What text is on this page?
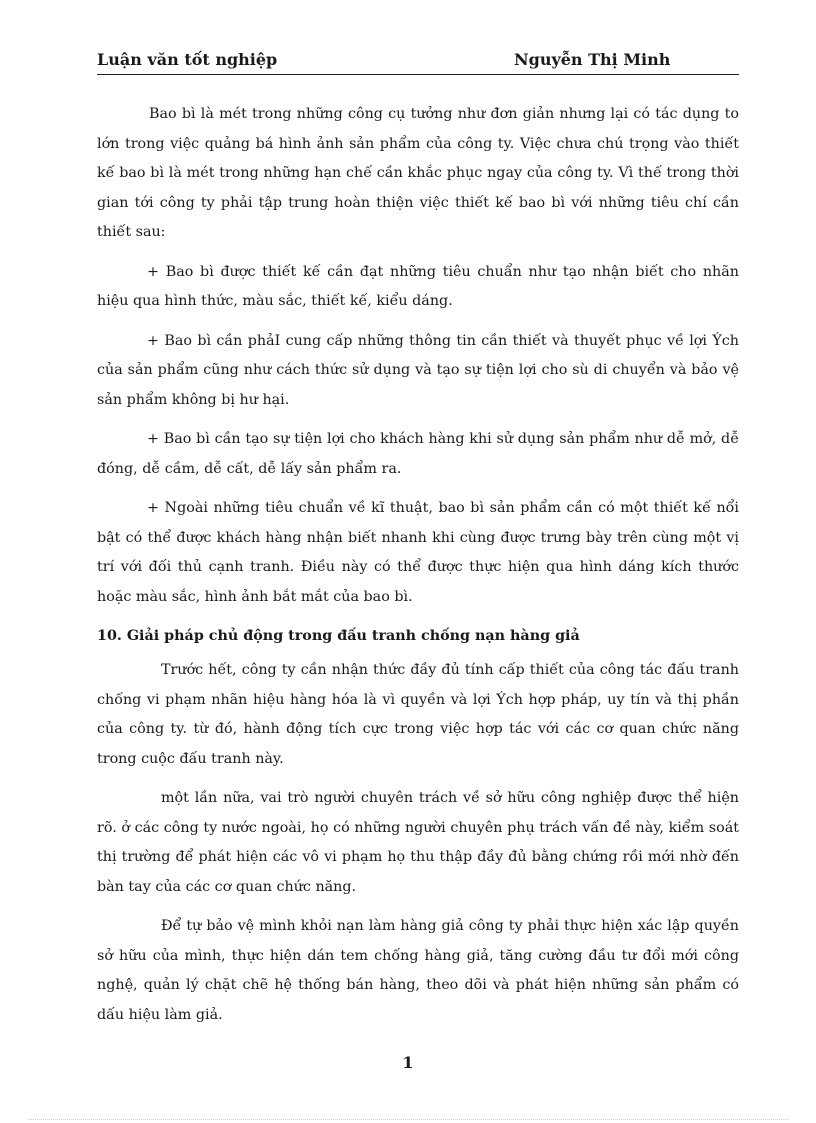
Luận văn tốt nghiệp	Nguyễn Thị Minh

Bao bì là mét trong những công cụ tưởng như đơn giản nhưng lại có tác dụng to lớn trong việc quảng bá hình ảnh sản phẩm của công ty. Việc chưa chú trọng vào thiết kế bao bì là mét trong những hạn chế cần khắc phục ngay của công ty. Vì thế trong thời gian tới công ty phải tập trung hoàn thiện việc thiết kế bao bì với những tiêu chí cần thiết sau:

+ Bao bì được thiết kế cần đạt những tiêu chuẩn như tạo nhận biết cho nhãn hiệu qua hình thức, màu sắc, thiết kế, kiểu dáng.

+ Bao bì cần phảI cung cấp những thông tin cần thiết và thuyết phục về lợi Ých của sản phẩm cũng như cách thức sử dụng và tạo sự tiện lợi cho sù di chuyển và bảo vệ sản phẩm không bị hư hại.

+ Bao bì cần tạo sự tiện lợi cho khách hàng khi sử dụng sản phẩm như dễ mở, dễ đóng, dễ cầm, dễ cất, dễ lấy sản phẩm ra.

+ Ngoài những tiêu chuẩn về kĩ thuật, bao bì sản phẩm cần có một thiết kế nổi bật có thể được khách hàng nhận biết nhanh khi cùng được trưng bày trên cùng một vị trí với đối thủ cạnh tranh. Điều này có thể được thực hiện qua hình dáng kích thước hoặc màu sắc, hình ảnh bắt mắt của bao bì.

10. Giải pháp chủ động trong đấu tranh chống nạn hàng giả

Trước hết, công ty cần nhận thức đầy đủ tính cấp thiết của công tác đấu tranh chống vi phạm nhãn hiệu hàng hóa là vì quyền và lợi Ých hợp pháp, uy tín và thị phần của công ty. từ đó, hành động tích cực trong việc hợp tác với các cơ quan chức năng trong cuộc đấu tranh này.

một lần nữa, vai trò người chuyên trách về sở hữu công nghiệp được thể hiện rõ. ở các công ty nước ngoài, họ có những người chuyên phụ trách vấn đề này, kiểm soát thị trường để phát hiện các vô vi phạm họ thu thập đầy đủ bằng chứng rồi mới nhờ đến bàn tay của các cơ quan chức năng.

Để tự bảo vệ mình khỏi nạn làm hàng giả công ty phải thực hiện xác lập quyền sở hữu của mình, thực hiện dán tem chống hàng giả, tăng cường đầu tư đổi mới công nghệ, quản lý chặt chẽ hệ thống bán hàng, theo dõi và phát hiện những sản phẩm có dấu hiệu làm giả.

1
